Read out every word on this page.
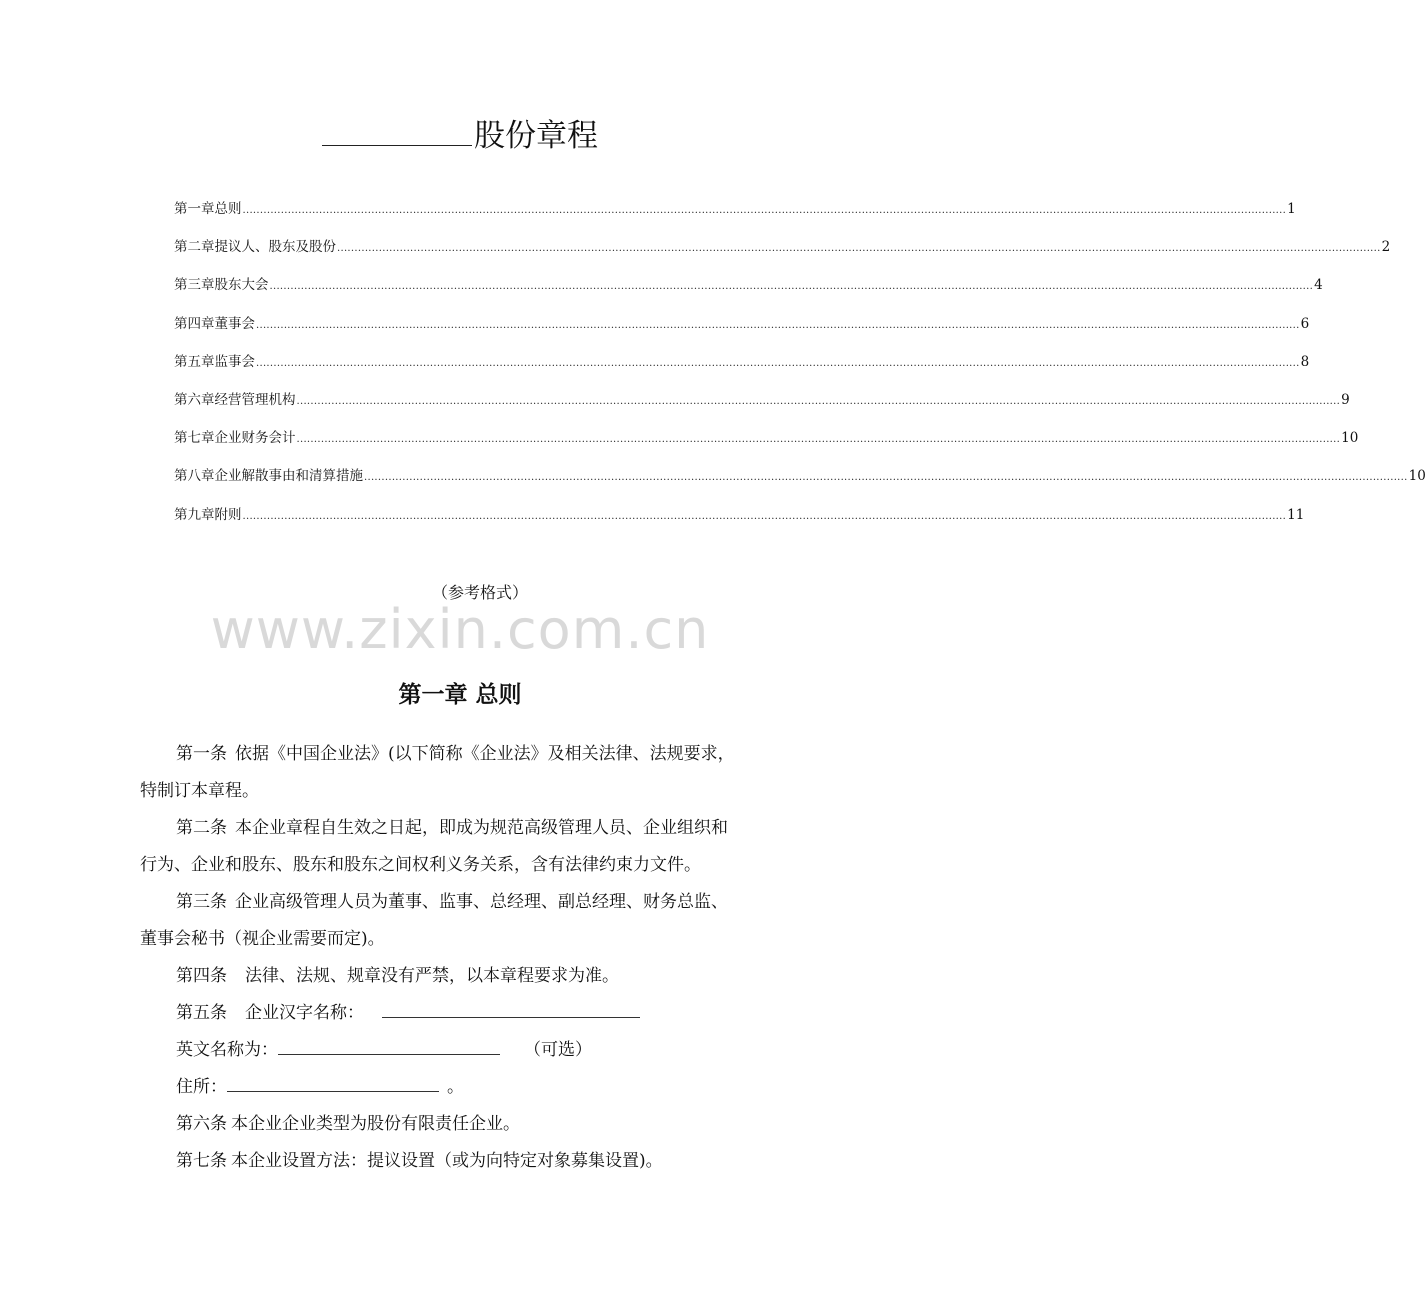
股份章程
第一章 总则 ............................................................................................................................................................................................................................................................................................................ 1
第二章 提议人、股东及股份 ............................................................................................................................................................................................................................................................................................................ 2
第三章 股东大会 ............................................................................................................................................................................................................................................................................................................ 4
第四章 董事会 ............................................................................................................................................................................................................................................................................................................ 6
第五章 监事会 ............................................................................................................................................................................................................................................................................................................ 8
第六章 经营管理机构 ............................................................................................................................................................................................................................................................................................................ 9
第七章 企业财务会计 ............................................................................................................................................................................................................................................................................................................ 10
第八章 企业解散事由和清算措施 ............................................................................................................................................................................................................................................................................................................ 10
第九章 附则 ............................................................................................................................................................................................................................................................................................................ 11
（参考格式）
www.zixin.com.cn
第一章 总则
第一条 依据《中国企业法》(以下简称《企业法》及相关法律、法规要求，
特制订本章程。
第二条 本企业章程自生效之日起，即成为规范高级管理人员、企业组织和
行为、企业和股东、股东和股东之间权利义务关系，含有法律约束力文件。
第三条 企业高级管理人员为董事、监事、总经理、副总经理、财务总监、
董事会秘书（视企业需要而定)。
第四条 法律、法规、规章没有严禁，以本章程要求为准。
第五条 企业汉字名称：
英文名称为：	（可选）
住所：	。
第六条 本企业企业类型为股份有限责任企业。
第七条 本企业设置方法：提议设置（或为向特定对象募集设置)。
